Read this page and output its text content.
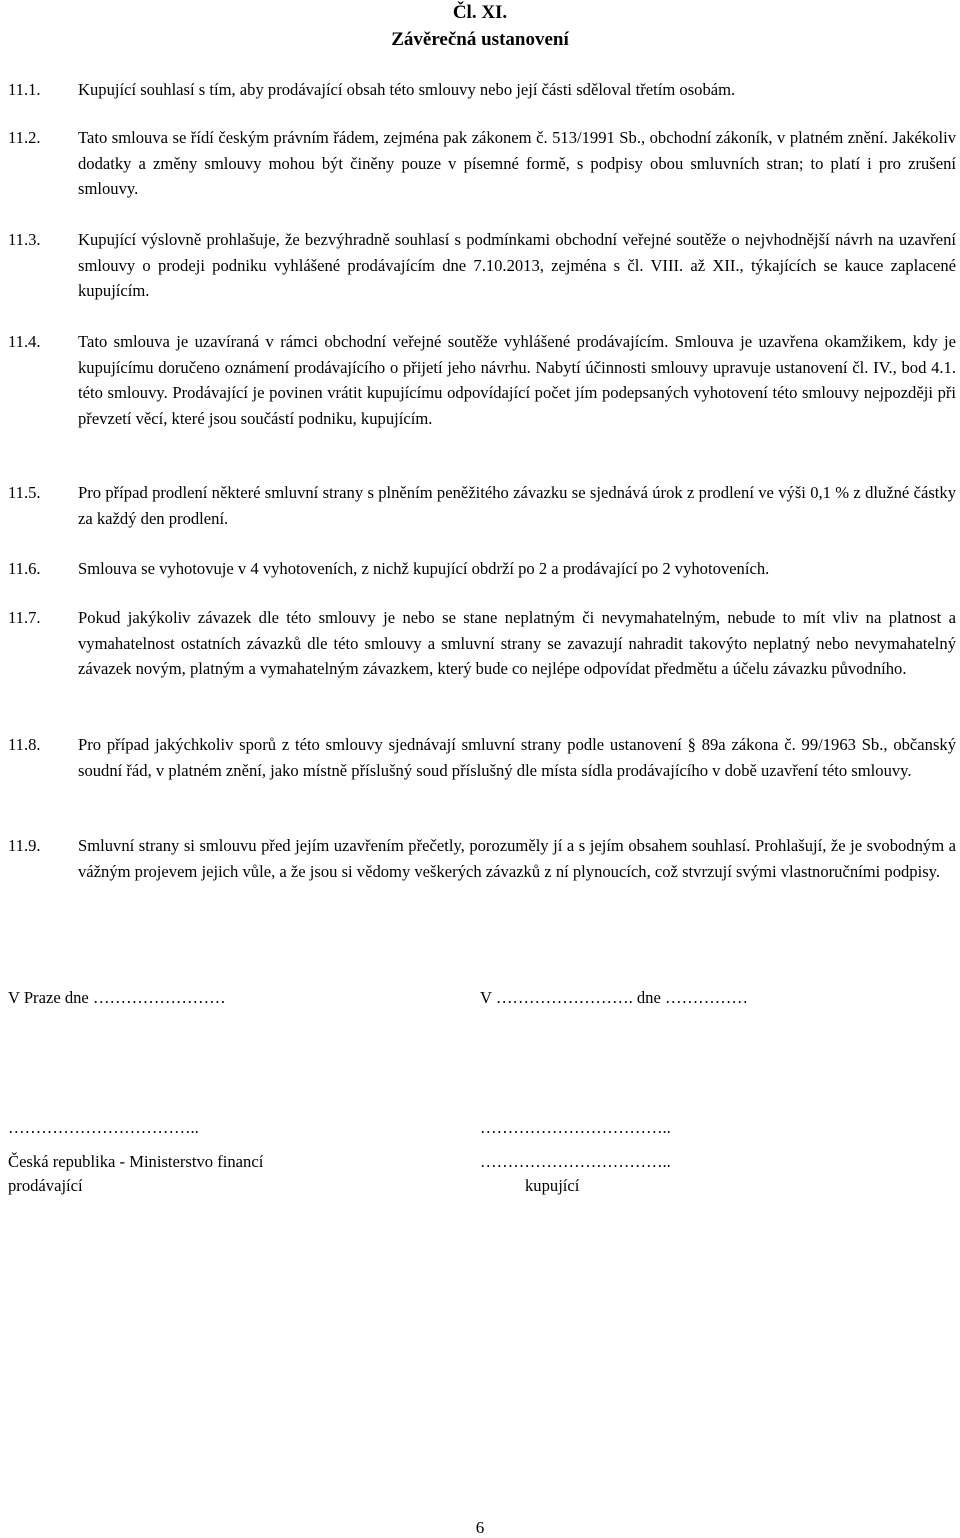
Čl. XI.
Závěrečná ustanovení
11.1. Kupující souhlasí s tím, aby prodávající obsah této smlouvy nebo její části sděloval třetím osobám.
11.2. Tato smlouva se řídí českým právním řádem, zejména pak zákonem č. 513/1991 Sb., obchodní zákoník, v platném znění. Jakékoliv dodatky a změny smlouvy mohou být činěny pouze v písemné formě, s podpisy obou smluvních stran; to platí i pro zrušení smlouvy.
11.3. Kupující výslovně prohlašuje, že bezvýhradně souhlasí s podmínkami obchodní veřejné soutěže o nejvhodnější návrh na uzavření smlouvy o prodeji podniku vyhlášené prodávajícím dne 7.10.2013, zejména s čl. VIII. až XII., týkajících se kauce zaplacené kupujícím.
11.4. Tato smlouva je uzavíraná v rámci obchodní veřejné soutěže vyhlášené prodávajícím. Smlouva je uzavřena okamžikem, kdy je kupujícímu doručeno oznámení prodávajícího o přijetí jeho návrhu. Nabytí účinnosti smlouvy upravuje ustanovení čl. IV., bod 4.1. této smlouvy. Prodávající je povinen vrátit kupujícímu odpovídající počet jím podepsaných vyhotovení této smlouvy nejpozději při převzetí věcí, které jsou součástí podniku, kupujícím.
11.5. Pro případ prodlení některé smluvní strany s plněním peněžitého závazku se sjednává úrok z prodlení ve výši 0,1 % z dlužné částky za každý den prodlení.
11.6. Smlouva se vyhotovuje v 4 vyhotoveních, z nichž kupující obdrží po 2 a prodávající po 2 vyhotoveních.
11.7. Pokud jakýkoliv závazek dle této smlouvy je nebo se stane neplatným či nevymahatelným, nebude to mít vliv na platnost a vymahatelnost ostatních závazků dle této smlouvy a smluvní strany se zavazují nahradit takovýto neplatný nebo nevymahatelný závazek novým, platným a vymahatelným závazkem, který bude co nejlépe odpovídat předmětu a účelu závazku původního.
11.8. Pro případ jakýchkoliv sporů z této smlouvy sjednávají smluvní strany podle ustanovení § 89a zákona č. 99/1963 Sb., občanský soudní řád, v platném znění, jako místně příslušný soud příslušný dle místa sídla prodávajícího v době uzavření této smlouvy.
11.9. Smluvní strany si smlouvu před jejím uzavřením přečetly, porozuměly jí a s jejím obsahem souhlasí. Prohlašují, že je svobodným a vážným projevem jejich vůle, a že jsou si vědomy veškerých závazků z ní plynoucích, což stvrzují svými vlastnoručními podpisy.
V Praze dne ……………………	V ……………………. dne ……………
……………………………..	……………………………..
Česká republika - Ministerstvo financí	……………………………..
prodávající	kupující
6
